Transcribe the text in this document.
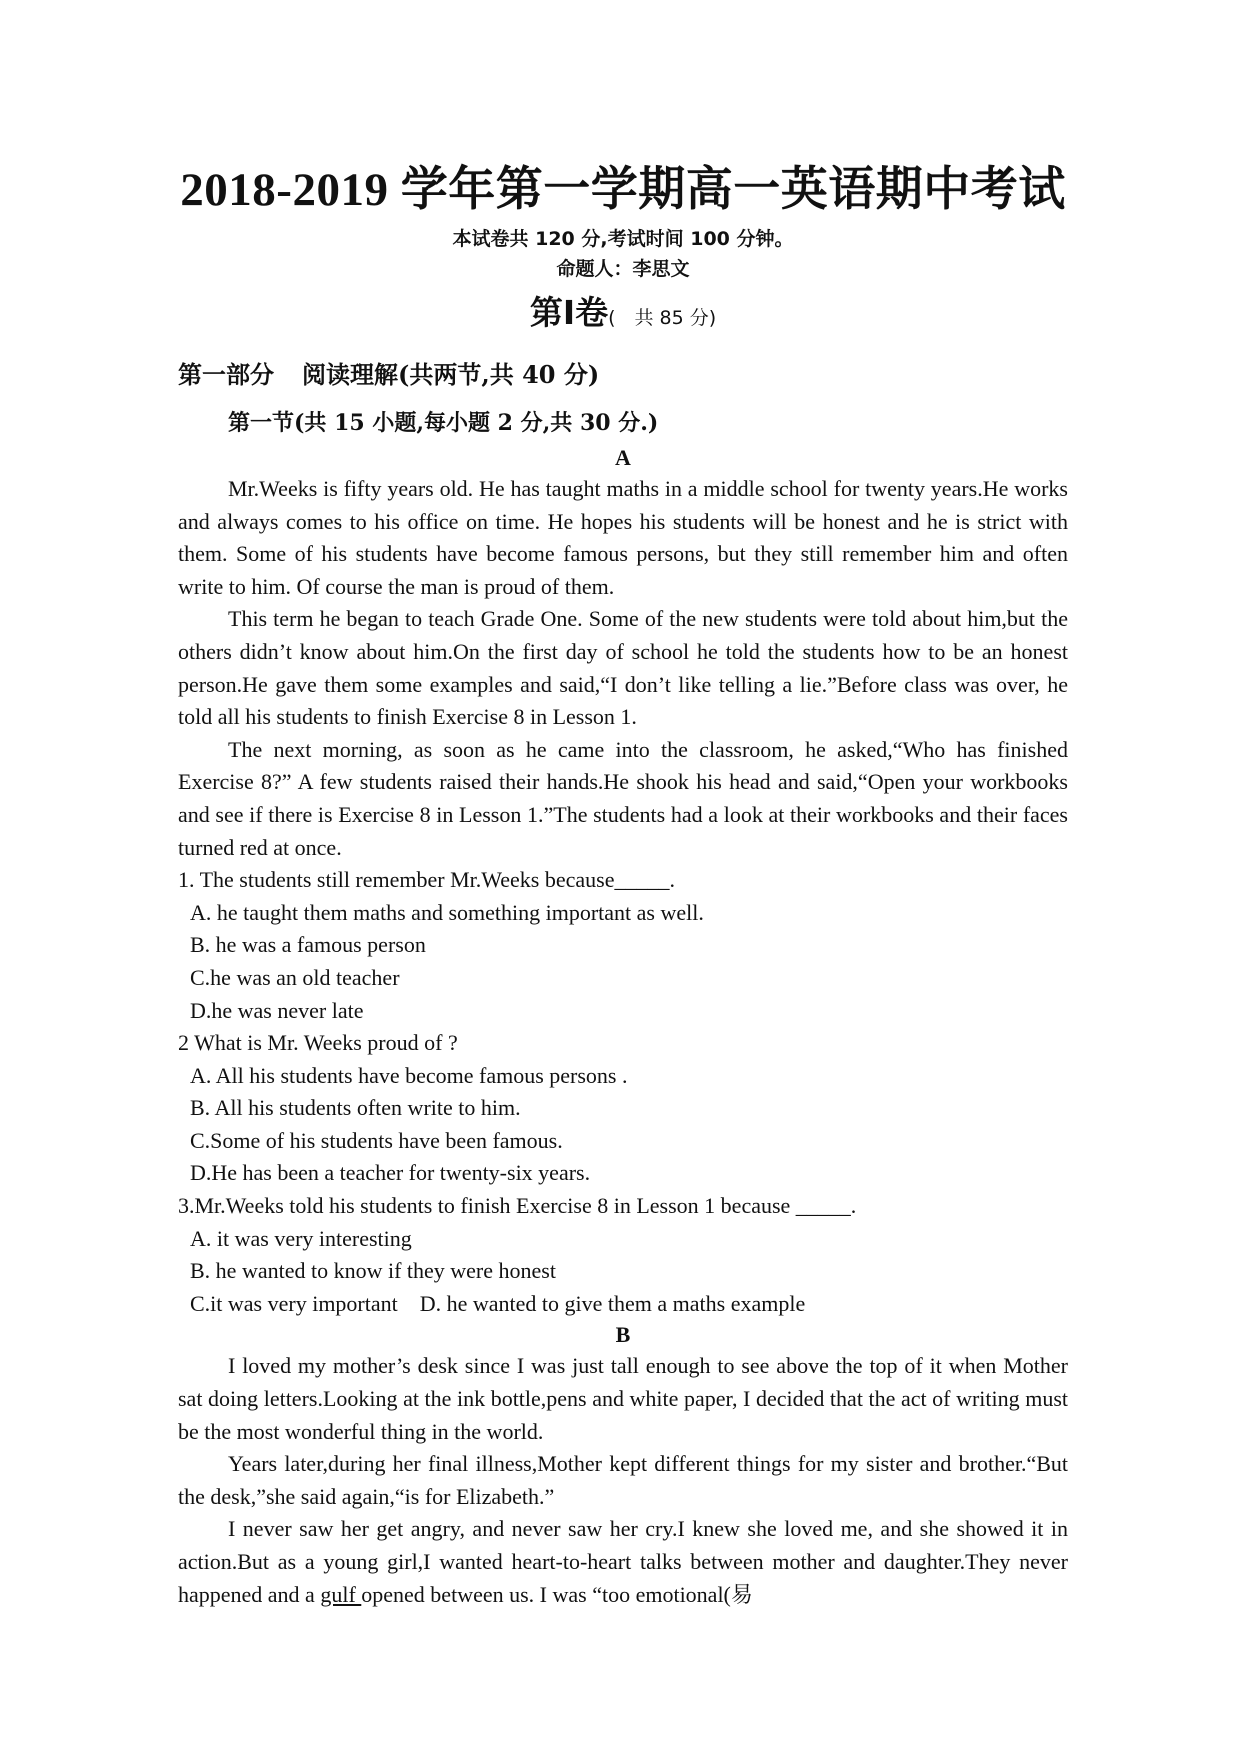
2018-2019 学年第一学期高一英语期中考试
本试卷共 120 分,考试时间 100 分钟。
命题人：李思文
第Ⅰ卷(　共 85 分)
第一部分 阅读理解(共两节,共 40 分)
第一节(共 15 小题,每小题 2 分,共 30 分.)
A

Mr.Weeks is fifty years old. He has taught maths in a middle school for twenty years.He works and always comes to his office on time. He hopes his students will be honest and he is strict with them. Some of his students have become famous persons, but they still remember him and often write to him. Of course the man is proud of them.

This term he began to teach Grade One. Some of the new students were told about him,but the others didn’t know about him.On the first day of school he told the students how to be an honest person.He gave them some examples and said,“I don’t like telling a lie.”Before class was over, he told all his students to finish Exercise 8 in Lesson 1.

The next morning, as soon as he came into the classroom, he asked,“Who has finished Exercise 8?” A few students raised their hands.He shook his head and said,“Open your workbooks and see if there is Exercise 8 in Lesson 1.”The students had a look at their workbooks and their faces turned red at once.

1. The students still remember Mr.Weeks because_____.
A. he taught them maths and something important as well.
B. he was a famous person
C.he was an old teacher
D.he was never late
2 What is Mr. Weeks proud of ?
A. All his students have become famous persons .
B. All his students often write to him.
C.Some of his students have been famous.
D.He has been a teacher for twenty-six years.
3.Mr.Weeks told his students to finish Exercise 8 in Lesson 1 because _____.
A. it was very interesting
B. he wanted to know if they were honest
C.it was very important D. he wanted to give them a maths example
B

I loved my mother’s desk since I was just tall enough to see above the top of it when Mother sat doing letters.Looking at the ink bottle,pens and white paper, I decided that the act of writing must be the most wonderful thing in the world.

Years later,during her final illness,Mother kept different things for my sister and brother.“But the desk,”she said again,“is for Elizabeth.”

I never saw her get angry, and never saw her cry.I knew she loved me, and she showed it in action.But as a young girl,I wanted heart-to-heart talks between mother and daughter.They never happened and a gulf opened between us. I was “too emotional(易
